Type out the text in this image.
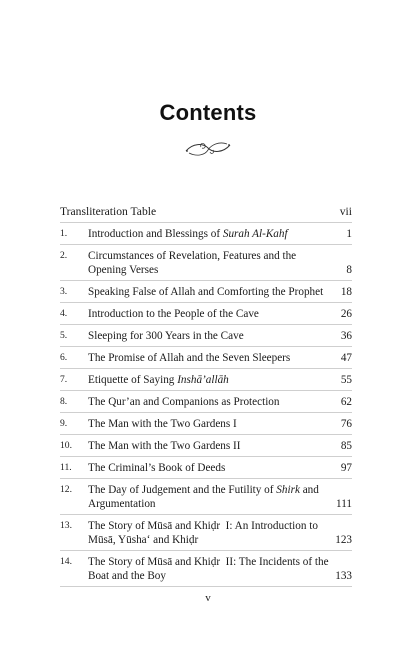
Contents
Transliteration Table	vii
1.	Introduction and Blessings of Surah Al-Kahf	1
2.	Circumstances of Revelation, Features and the Opening Verses	8
3.	Speaking False of Allah and Comforting the Prophet	18
4.	Introduction to the People of the Cave	26
5.	Sleeping for 300 Years in the Cave	36
6.	The Promise of Allah and the Seven Sleepers	47
7.	Etiquette of Saying Inshā’allāh	55
8.	The Qur’an and Companions as Protection	62
9.	The Man with the Two Gardens I	76
10.	The Man with the Two Gardens II	85
11.	The Criminal’s Book of Deeds	97
12.	The Day of Judgement and the Futility of Shirk and Argumentation	111
13.	The Story of Mūsā and Khiḍr  I: An Introduction to Mūsā, Yūsha‘ and Khiḍr	123
14.	The Story of Mūsā and Khiḍr  II: The Incidents of the Boat and the Boy	133
v
